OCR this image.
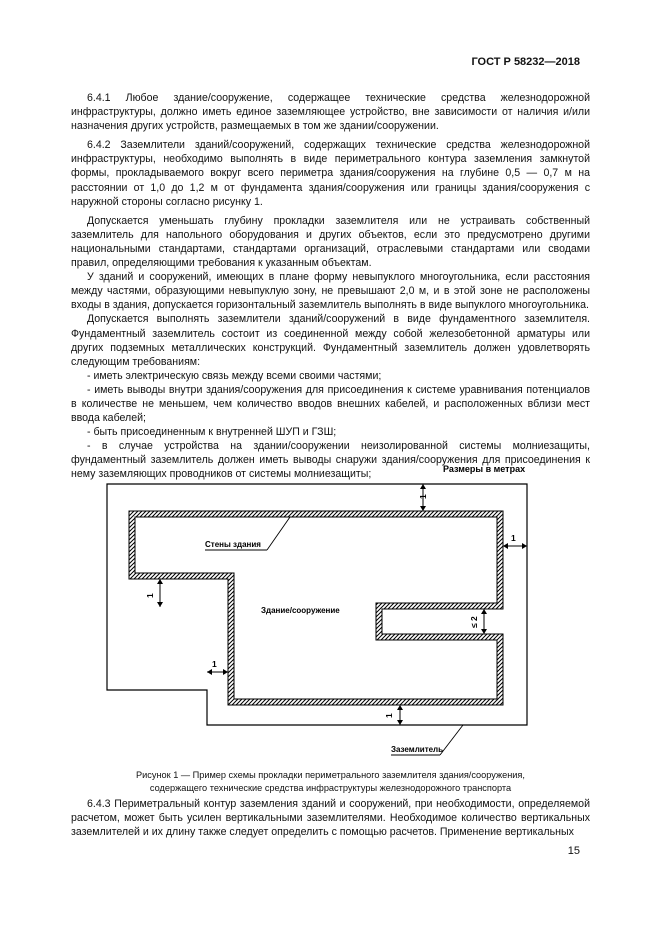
ГОСТ Р 58232—2018

6.4.1 Любое здание/сооружение, содержащее технические средства железнодорожной инфраструктуры, должно иметь единое заземляющее устройство, вне зависимости от наличия и/или назначения других устройств, размещаемых в том же здании/сооружении.

6.4.2 Заземлители зданий/сооружений, содержащих технические средства железнодорожной инфраструктуры, необходимо выполнять в виде периметрального контура заземления замкнутой формы, прокладываемого вокруг всего периметра здания/сооружения на глубине 0,5 — 0,7 м на расстоянии от 1,0 до 1,2 м от фундамента здания/сооружения или границы здания/сооружения с наружной стороны согласно рисунку 1.

Допускается уменьшать глубину прокладки заземлителя или не устраивать собственный заземлитель для напольного оборудования и других объектов, если это предусмотрено другими национальными стандартами, стандартами организаций, отраслевыми стандартами или сводами правил, определяющими требования к указанным объектам.

У зданий и сооружений, имеющих в плане форму невыпуклого многоугольника, если расстояния между частями, образующими невыпуклую зону, не превышают 2,0 м, и в этой зоне не расположены входы в здания, допускается горизонтальный заземлитель выполнять в виде выпуклого многоугольника.

Допускается выполнять заземлители зданий/сооружений в виде фундаментного заземлителя. Фундаментный заземлитель состоит из соединенной между собой железобетонной арматуры или других подземных металлических конструкций. Фундаментный заземлитель должен удовлетворять следующим требованиям:

- иметь электрическую связь между всеми своими частями;

- иметь выводы внутри здания/сооружения для присоединения к системе уравнивания потенциалов в количестве не меньшем, чем количество вводов внешних кабелей, и расположенных вблизи мест ввода кабелей;

- быть присоединенным к внутренней ШУП и ГЗШ;

- в случае устройства на здании/сооружении неизолированной системы молниезащиты, фундаментный заземлитель должен иметь выводы снаружи здания/сооружения для присоединения к нему заземляющих проводников от системы молниезащиты;	Размеры в метрах
1
1
1
1
1
≤ 2
Стены здания
Здание/сооружение
Заземлитель
Рисунок 1 — Пример схемы прокладки периметрального заземлителя здания/сооружения,
содержащего технические средства инфраструктуры железнодорожного транспорта
6.4.3 Периметральный контур заземления зданий и сооружений, при необходимости, определяемой расчетом, может быть усилен вертикальными заземлителями. Необходимое количество вертикальных заземлителей и их длину также следует определить с помощью расчетов. Применение вертикальных
15
